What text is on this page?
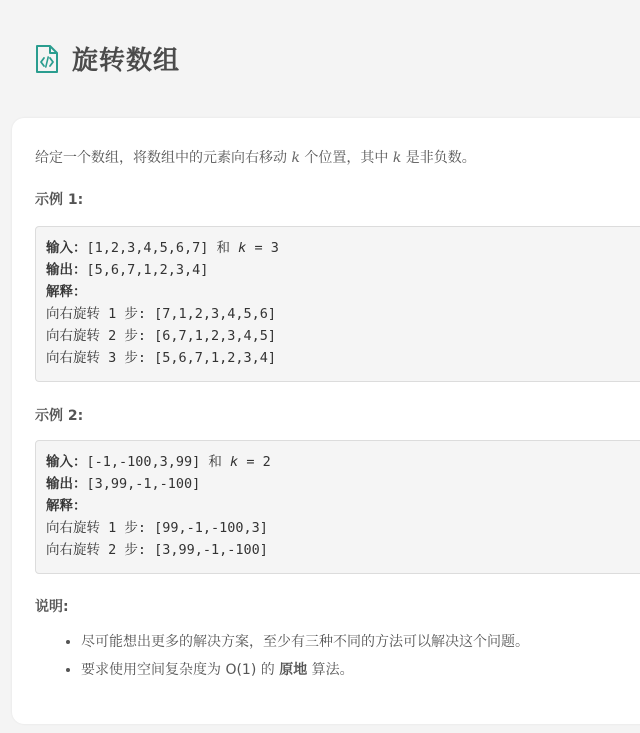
旋转数组
给定一个数组，将数组中的元素向右移动 k 个位置，其中 k 是非负数。
示例 1:
输入：[1,2,3,4,5,6,7] 和 k = 3
输出：[5,6,7,1,2,3,4]
解释：
向右旋转 1 步: [7,1,2,3,4,5,6]
向右旋转 2 步: [6,7,1,2,3,4,5]
向右旋转 3 步: [5,6,7,1,2,3,4]
示例 2:
输入：[-1,-100,3,99] 和 k = 2
输出：[3,99,-1,-100]
解释：
向右旋转 1 步: [99,-1,-100,3]
向右旋转 2 步: [3,99,-1,-100]
说明:
• 尽可能想出更多的解决方案，至少有三种不同的方法可以解决这个问题。
• 要求使用空间复杂度为 O(1) 的 原地 算法。
